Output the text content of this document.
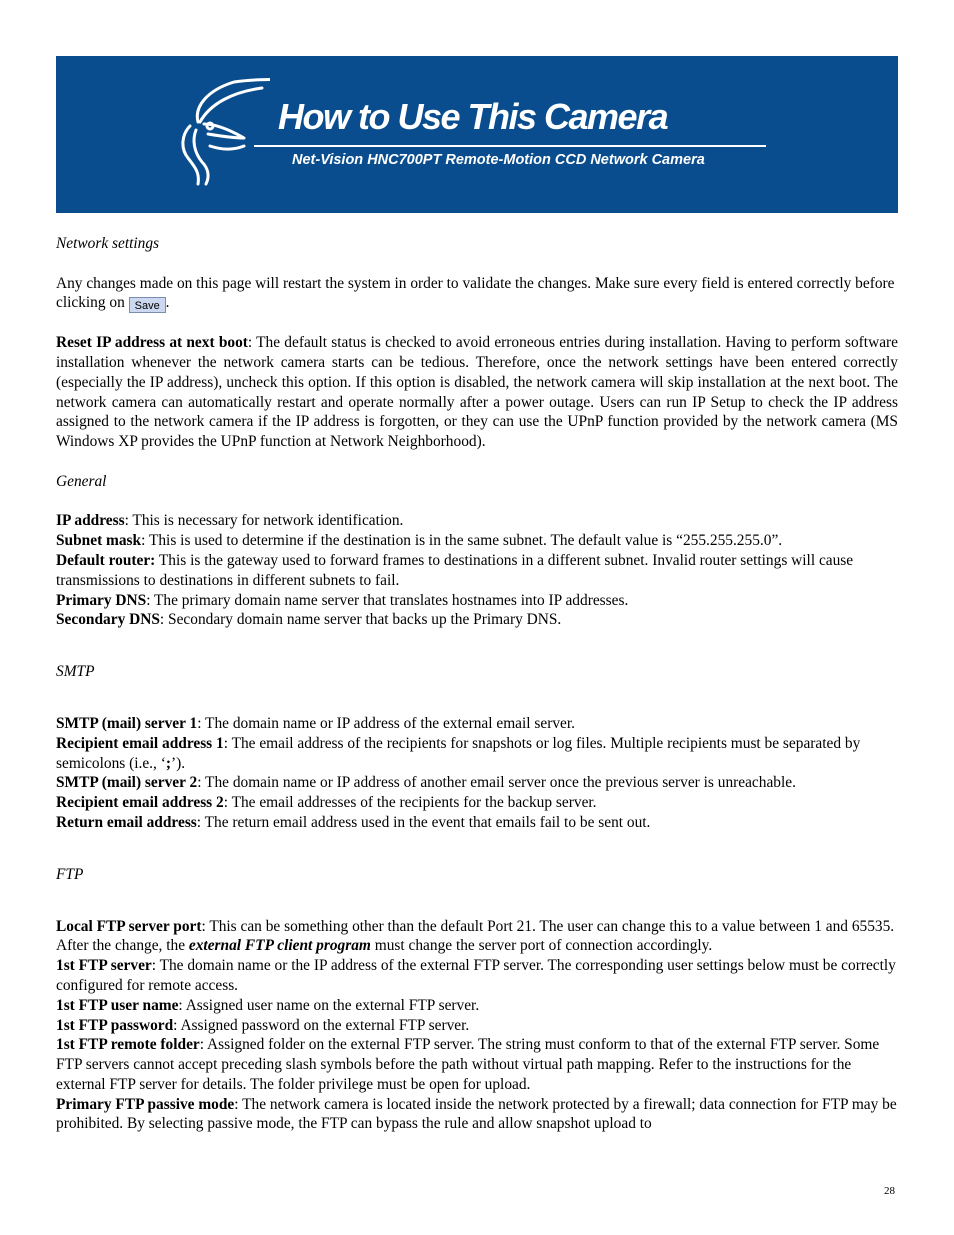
How to Use This Camera
Net-Vision HNC700PT Remote-Motion CCD Network Camera

Network settings

Any changes made on this page will restart the system in order to validate the changes. Make sure every field is entered correctly before clicking on Save .

Reset IP address at next boot: The default status is checked to avoid erroneous entries during installation. Having to perform software installation whenever the network camera starts can be tedious. Therefore, once the network settings have been entered correctly (especially the IP address), uncheck this option. If this option is disabled, the network camera will skip installation at the next boot. The network camera can automatically restart and operate normally after a power outage. Users can run IP Setup to check the IP address assigned to the network camera if the IP address is forgotten, or they can use the UPnP function provided by the network camera (MS Windows XP provides the UPnP function at Network Neighborhood).

General

IP address: This is necessary for network identification.

Subnet mask: This is used to determine if the destination is in the same subnet. The default value is “255.255.255.0”.

Default router: This is the gateway used to forward frames to destinations in a different subnet. Invalid router settings will cause transmissions to destinations in different subnets to fail.

Primary DNS: The primary domain name server that translates hostnames into IP addresses.

Secondary DNS: Secondary domain name server that backs up the Primary DNS.

SMTP

SMTP (mail) server 1: The domain name or IP address of the external email server.

Recipient email address 1: The email address of the recipients for snapshots or log files. Multiple recipients must be separated by semicolons (i.e., ‘;’).

SMTP (mail) server 2: The domain name or IP address of another email server once the previous server is unreachable.

Recipient email address 2: The email addresses of the recipients for the backup server.

Return email address: The return email address used in the event that emails fail to be sent out.

FTP

Local FTP server port: This can be something other than the default Port 21. The user can change this to a value between 1 and 65535. After the change, the external FTP client program must change the server port of connection accordingly.

1st FTP server: The domain name or the IP address of the external FTP server. The corresponding user settings below must be correctly configured for remote access.

1st FTP user name: Assigned user name on the external FTP server.

1st FTP password: Assigned password on the external FTP server.

1st FTP remote folder: Assigned folder on the external FTP server. The string must conform to that of the external FTP server. Some FTP servers cannot accept preceding slash symbols before the path without virtual path mapping. Refer to the instructions for the external FTP server for details. The folder privilege must be open for upload.

Primary FTP passive mode: The network camera is located inside the network protected by a firewall; data connection for FTP may be prohibited. By selecting passive mode, the FTP can bypass the rule and allow snapshot upload to

28
